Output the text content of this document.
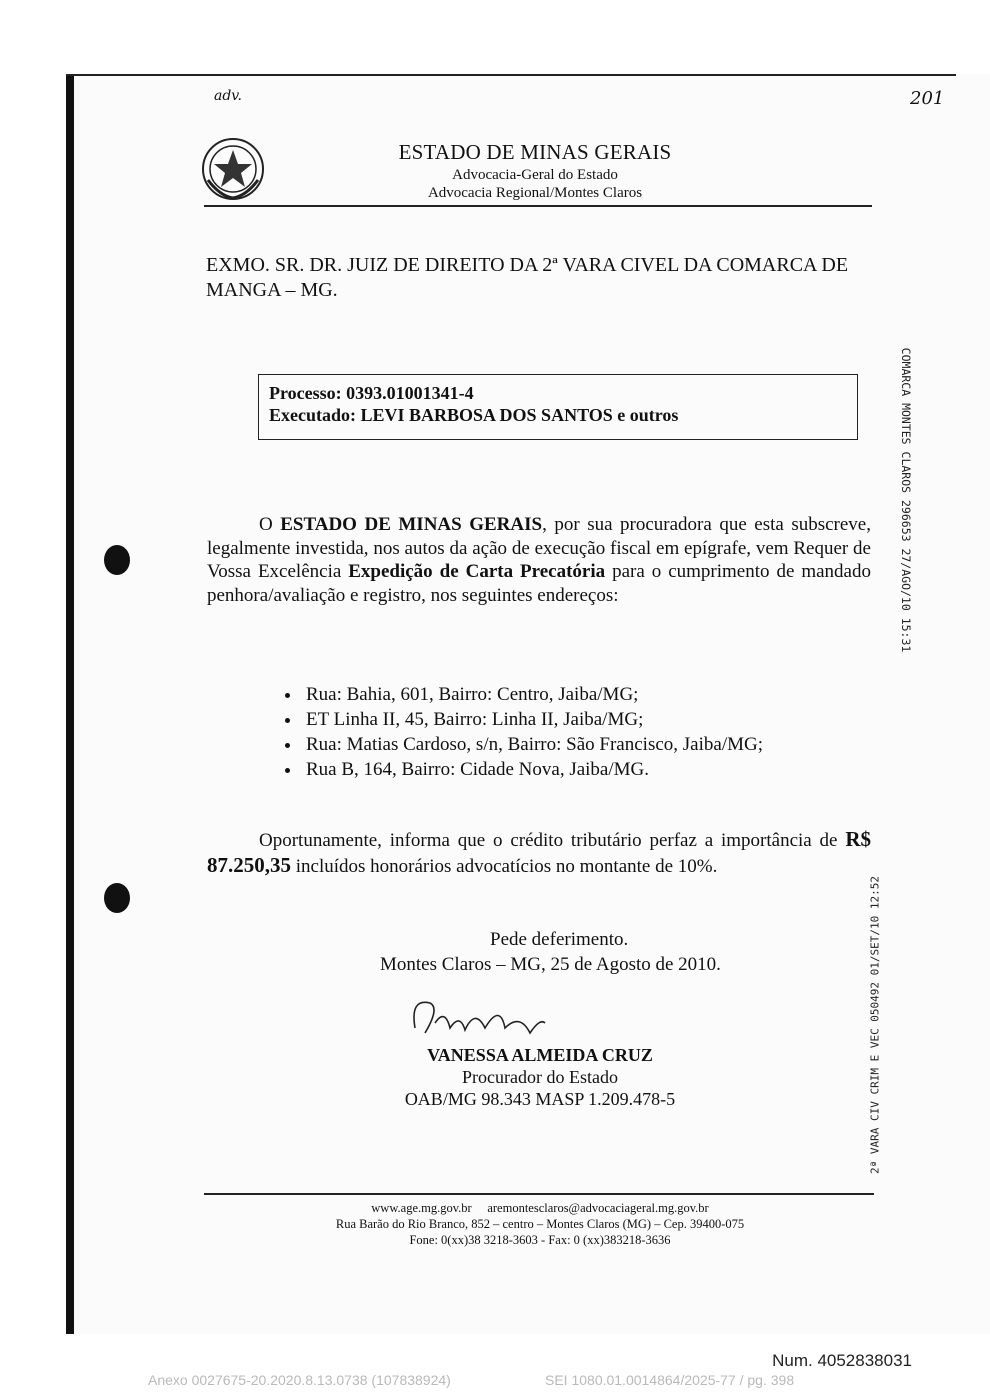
adv.	201
ESTADO DE MINAS GERAIS
Advocacia-Geral do Estado
Advocacia Regional/Montes Claros
EXMO. SR. DR. JUIZ DE DIREITO DA 2ª VARA CIVEL DA COMARCA DE MANGA – MG.
Processo: 0393.01001341-4
Executado: LEVI BARBOSA DOS SANTOS e outros
O ESTADO DE MINAS GERAIS, por sua procuradora que esta subscreve, legalmente investida, nos autos da ação de execução fiscal em epígrafe, vem Requer de Vossa Excelência Expedição de Carta Precatória para o cumprimento de mandado penhora/avaliação e registro, nos seguintes endereços:
• Rua: Bahia, 601, Bairro: Centro, Jaiba/MG;
• ET Linha II, 45, Bairro: Linha II, Jaiba/MG;
• Rua: Matias Cardoso, s/n, Bairro: São Francisco, Jaiba/MG;
• Rua B, 164, Bairro: Cidade Nova, Jaiba/MG.
Oportunamente, informa que o crédito tributário perfaz a importância de R$ 87.250,35 incluídos honorários advocatícios no montante de 10%.
Pede deferimento.
Montes Claros – MG, 25 de Agosto de 2010.
VANESSA ALMEIDA CRUZ
Procurador do Estado
OAB/MG 98.343 MASP 1.209.478-5
www.age.mg.gov.br aremontesclaros@advocaciageral.mg.gov.br
Rua Barão do Rio Branco, 852 – centro – Montes Claros (MG) – Cep. 39400-075
Fone: 0(xx)38 3218-3603 - Fax: 0 (xx)383218-3636
COMARCA MONTES CLAROS 296653 27/AGO/10 15:31
2ª VARA CIV CRIM E VEC 050492 01/SET/10 12:52
Num. 4052838031
Anexo 0027675-20.2020.8.13.0738 (107838924)	SEI 1080.01.0014864/2025-77 / pg. 398
